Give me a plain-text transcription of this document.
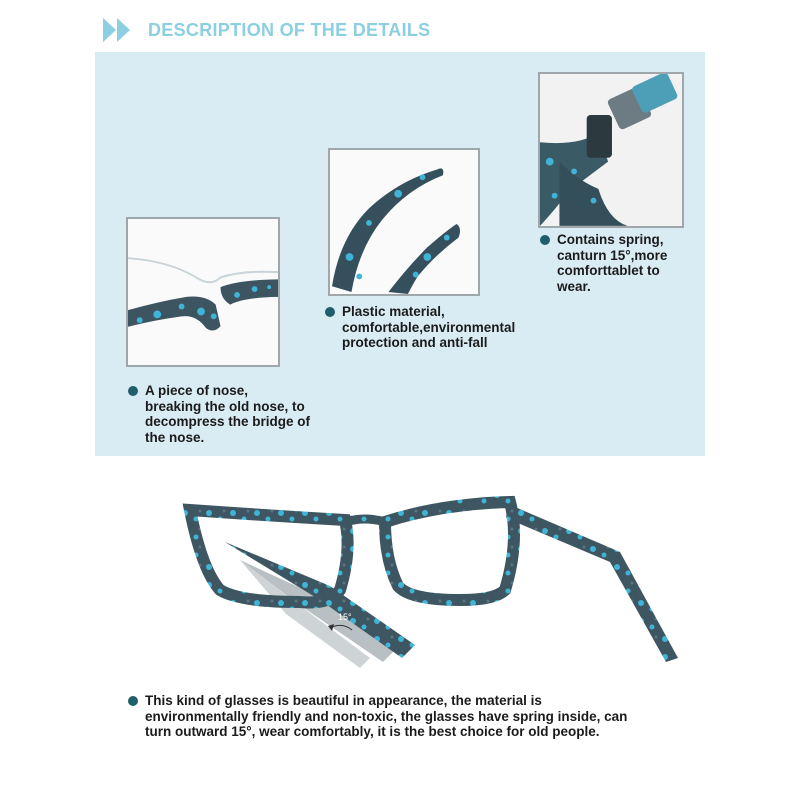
DESCRIPTION OF THE DETAILS
A piece of nose,
breaking the old nose, to
decompress the bridge of
the nose.
Plastic material,
comfortable,environmental
protection and anti-fall
Contains spring,
canturn 15°,more
comforttablet to
wear.
15°
This kind of glasses is beautiful in appearance, the material is
environmentally friendly and non-toxic, the glasses have spring inside, can
turn outward 15°, wear comfortably, it is the best choice for old people.
